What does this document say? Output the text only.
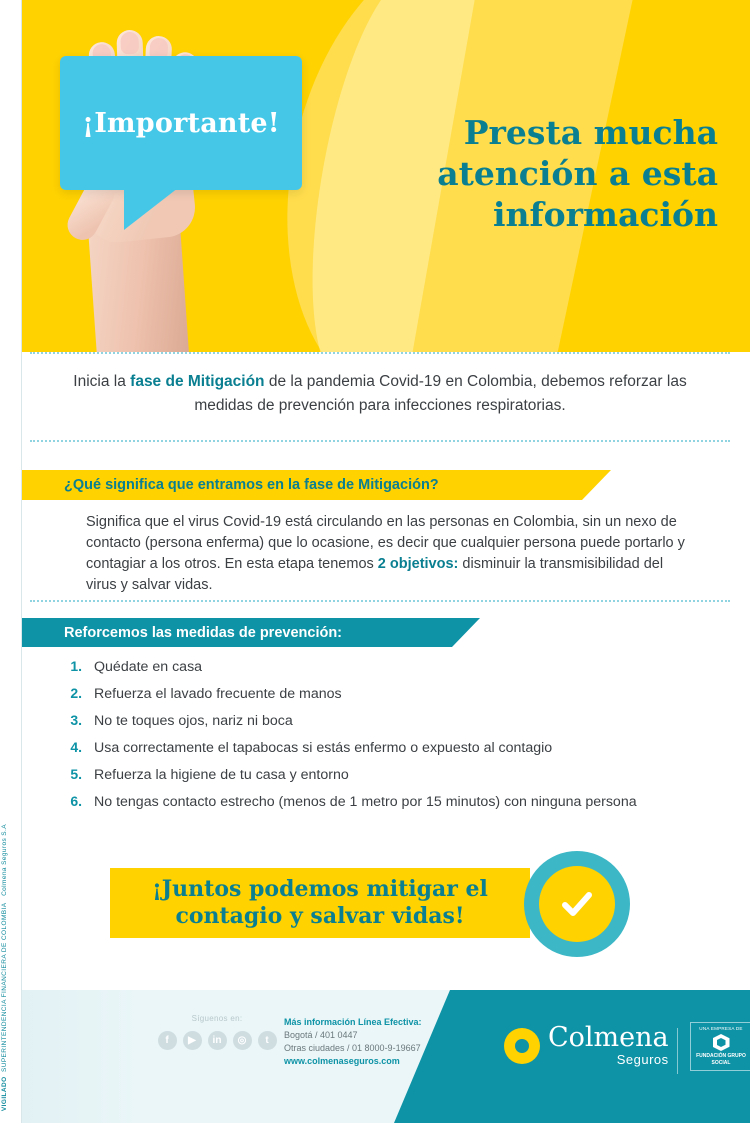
VIGILADO  SUPERINTENDENCIA FINANCIERA DE COLOMBIA   Colmena Seguros S.A
¡Importante!	Presta mucha atención a esta información
Inicia la fase de Mitigación de la pandemia Covid-19 en Colombia, debemos reforzar las medidas de prevención para infecciones respiratorias.
¿Qué significa que entramos en la fase de Mitigación?
Significa que el virus Covid-19 está circulando en las personas en Colombia, sin un nexo de contacto (persona enferma) que lo ocasione, es decir que cualquier persona puede portarlo y contagiar a los otros. En esta etapa tenemos 2 objetivos: disminuir la transmisibilidad del virus y salvar vidas.
Reforcemos las medidas de prevención:
1. Quédate en casa
2. Refuerza el lavado frecuente de manos
3. No te toques ojos, nariz ni boca
4. Usa correctamente el tapabocas si estás enfermo o expuesto al contagio
5. Refuerza la higiene de tu casa y entorno
6. No tengas contacto estrecho (menos de 1 metro por 15 minutos) con ninguna persona
¡Juntos podemos mitigar el
contagio y salvar vidas!
Síguenos en:
f	▶	in	◎	t
Más información Línea Efectiva:
Bogotá / 401 0447
Otras ciudades / 01 8000-9-19667
www.colmenaseguros.com
Colmena
Seguros
UNA EMPRESA DE
FUNDACIÓN GRUPO SOCIAL
